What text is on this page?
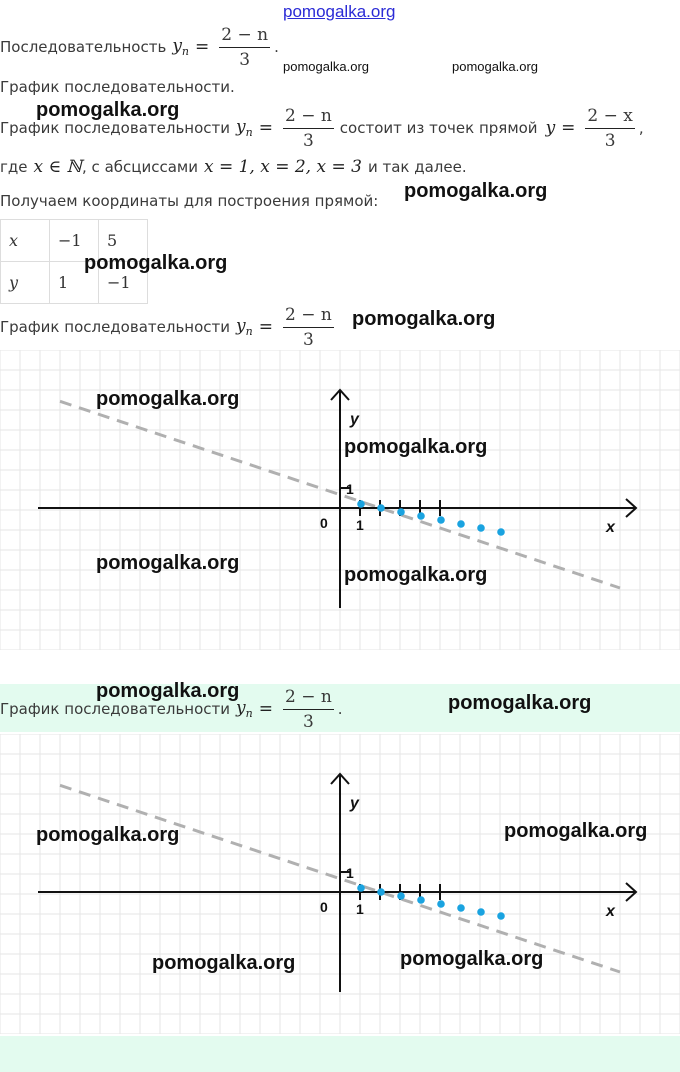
pomogalka.org
Последовательность $y_n = \frac{2 - n}{3}$ .
pomogalka.org	pomogalka.org
График последовательности.
pomogalka.org
График последовательности $y_n = \frac{2 - n}{3}$ состоит из точек прямой $y = \frac{2 - x}{3}$ ,
где x ∈ ℕ , с абсциссами x = 1, x = 2, x = 3 и так далее.
Получаем координаты для построения прямой: pomogalka.org
x	−1	5
y	1	−1
pomogalka.org
График последовательности $y_n = \frac{2 - n}{3}$ pomogalka.org
x
y
0 1
1
pomogalka.org
pomogalka.org
pomogalka.org
pomogalka.org
График последовательности $y_n = \frac{2 - n}{3}$ .
pomogalka.org
pomogalka.org
x
y
0 1
1
pomogalka.org	pomogalka.org
pomogalka.org	pomogalka.org
